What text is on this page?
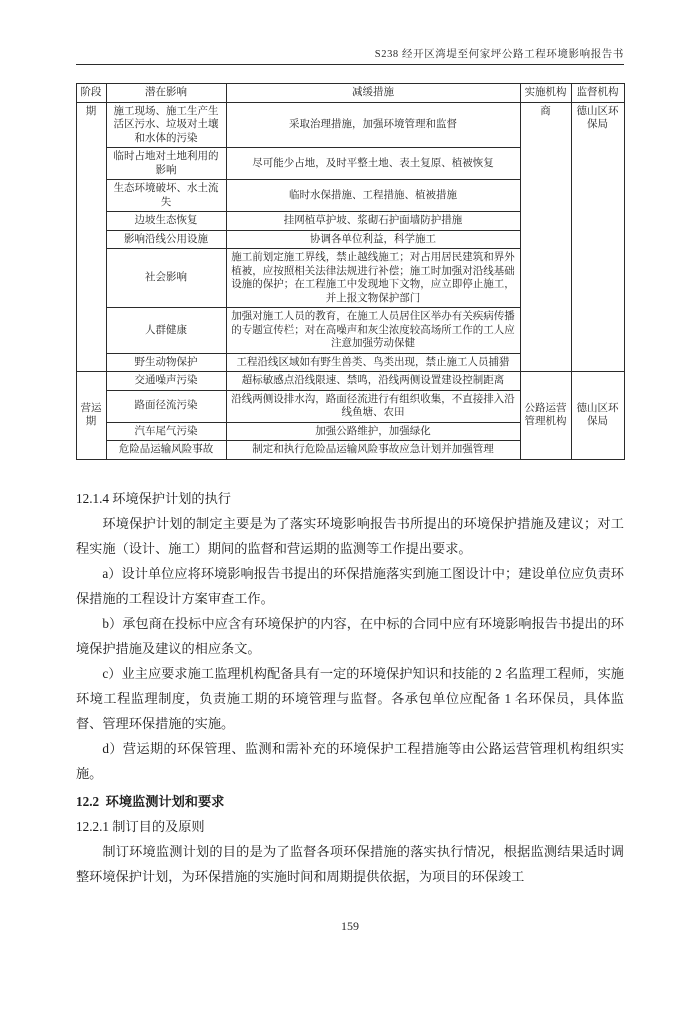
S238 经开区湾堤至何家坪公路工程环境影响报告书
阶段	潜在影响	减缓措施	实施机构	监督机构
期	施工现场、施工生产生活区污水、垃圾对土壤和水体的污染	采取治理措施，加强环境管理和监督	商	德山区环保局
	临时占地对土地利用的影响	尽可能少占地，及时平整土地、表土复原、植被恢复		
	生态环境破坏、水土流失	临时水保措施、工程措施、植被措施		
	边坡生态恢复	挂网植草护坡、浆砌石护面墙防护措施		
	影响沿线公用设施	协调各单位利益，科学施工		
	社会影响	施工前划定施工界线，禁止越线施工；对占用居民建筑和界外植被，应按照相关法律法规进行补偿；施工时加强对沿线基础设施的保护；在工程施工中发现地下文物，应立即停止施工，并上报文物保护部门		
	人群健康	加强对施工人员的教育，在施工人员居住区举办有关疾病传播的专题宣传栏；对在高噪声和灰尘浓度较高场所工作的工人应注意加强劳动保健		
	野生动物保护	工程沿线区域如有野生兽类、鸟类出现，禁止施工人员捕猎		
营运期	交通噪声污染	超标敏感点沿线限速、禁鸣，沿线两侧设置建设控制距离	公路运营管理机构	德山区环保局
	路面径流污染	沿线两侧设排水沟，路面径流进行有组织收集，不直接排入沿线鱼塘、农田		
	汽车尾气污染	加强公路维护，加强绿化		
	危险品运输风险事故	制定和执行危险品运输风险事故应急计划并加强管理		
12.1.4 环境保护计划的执行

环境保护计划的制定主要是为了落实环境影响报告书所提出的环境保护措施及建议；对工程实施（设计、施工）期间的监督和营运期的监测等工作提出要求。

a）设计单位应将环境影响报告书提出的环保措施落实到施工图设计中；建设单位应负责环保措施的工程设计方案审查工作。

b）承包商在投标中应含有环境保护的内容，在中标的合同中应有环境影响报告书提出的环境保护措施及建议的相应条文。

c）业主应要求施工监理机构配备具有一定的环境保护知识和技能的 2 名监理工程师，实施环境工程监理制度，负责施工期的环境管理与监督。各承包单位应配备 1 名环保员，具体监督、管理环保措施的实施。

d）营运期的环保管理、监测和需补充的环境保护工程措施等由公路运营管理机构组织实施。

12.2  环境监测计划和要求
12.2.1 制订目的及原则

制订环境监测计划的目的是为了监督各项环保措施的落实执行情况，根据监测结果适时调整环境保护计划，为环保措施的实施时间和周期提供依据，为项目的环保竣工

159
